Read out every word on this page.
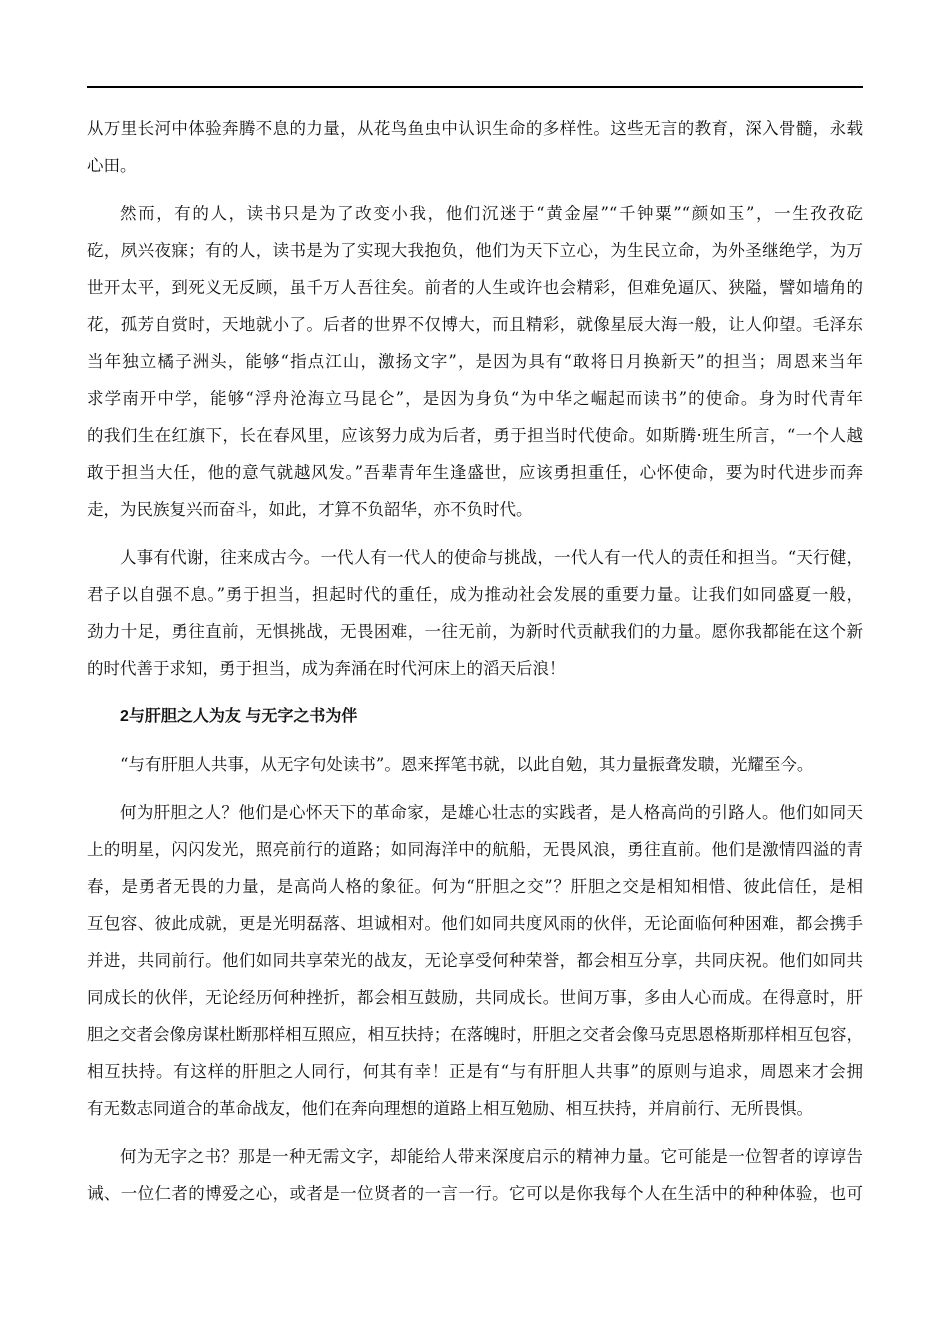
从万里长河中体验奔腾不息的力量，从花鸟鱼虫中认识生命的多样性。这些无言的教育，深入骨髓，永载
心田。
然而，有的人，读书只是为了改变小我，他们沉迷于“黄金屋”“千钟粟”“颜如玉”，一生孜孜矻
矻，夙兴夜寐；有的人，读书是为了实现大我抱负，他们为天下立心，为生民立命，为外圣继绝学，为万
世开太平，到死义无反顾，虽千万人吾往矣。前者的人生或许也会精彩，但难免逼仄、狭隘，譬如墙角的
花，孤芳自赏时，天地就小了。后者的世界不仅博大，而且精彩，就像星辰大海一般，让人仰望。毛泽东
当年独立橘子洲头，能够“指点江山，激扬文字”，是因为具有“敢将日月换新天”的担当；周恩来当年
求学南开中学，能够“浮舟沧海立马昆仑”，是因为身负“为中华之崛起而读书”的使命。身为时代青年
的我们生在红旗下，长在春风里，应该努力成为后者，勇于担当时代使命。如斯腾·班生所言，“一个人越
敢于担当大任，他的意气就越风发。”吾辈青年生逢盛世，应该勇担重任，心怀使命，要为时代进步而奔
走，为民族复兴而奋斗，如此，才算不负韶华，亦不负时代。
人事有代谢，往来成古今。一代人有一代人的使命与挑战，一代人有一代人的责任和担当。“天行健，
君子以自强不息。”勇于担当，担起时代的重任，成为推动社会发展的重要力量。让我们如同盛夏一般，
劲力十足，勇往直前，无惧挑战，无畏困难，一往无前，为新时代贡献我们的力量。愿你我都能在这个新
的时代善于求知，勇于担当，成为奔涌在时代河床上的滔天后浪！
2与肝胆之人为友 与无字之书为伴
“与有肝胆人共事，从无字句处读书”。恩来挥笔书就，以此自勉，其力量振聋发聩，光耀至今。
何为肝胆之人？他们是心怀天下的革命家，是雄心壮志的实践者，是人格高尚的引路人。他们如同天
上的明星，闪闪发光，照亮前行的道路；如同海洋中的航船，无畏风浪，勇往直前。他们是激情四溢的青
春，是勇者无畏的力量，是高尚人格的象征。何为“肝胆之交”？肝胆之交是相知相惜、彼此信任，是相
互包容、彼此成就，更是光明磊落、坦诚相对。他们如同共度风雨的伙伴，无论面临何种困难，都会携手
并进，共同前行。他们如同共享荣光的战友，无论享受何种荣誉，都会相互分享，共同庆祝。他们如同共
同成长的伙伴，无论经历何种挫折，都会相互鼓励，共同成长。世间万事，多由人心而成。在得意时，肝
胆之交者会像房谋杜断那样相互照应，相互扶持；在落魄时，肝胆之交者会像马克思恩格斯那样相互包容，
相互扶持。有这样的肝胆之人同行，何其有幸！正是有“与有肝胆人共事”的原则与追求，周恩来才会拥
有无数志同道合的革命战友，他们在奔向理想的道路上相互勉励、相互扶持，并肩前行、无所畏惧。
何为无字之书？那是一种无需文字，却能给人带来深度启示的精神力量。它可能是一位智者的谆谆告
诫、一位仁者的博爱之心，或者是一位贤者的一言一行。它可以是你我每个人在生活中的种种体验，也可
